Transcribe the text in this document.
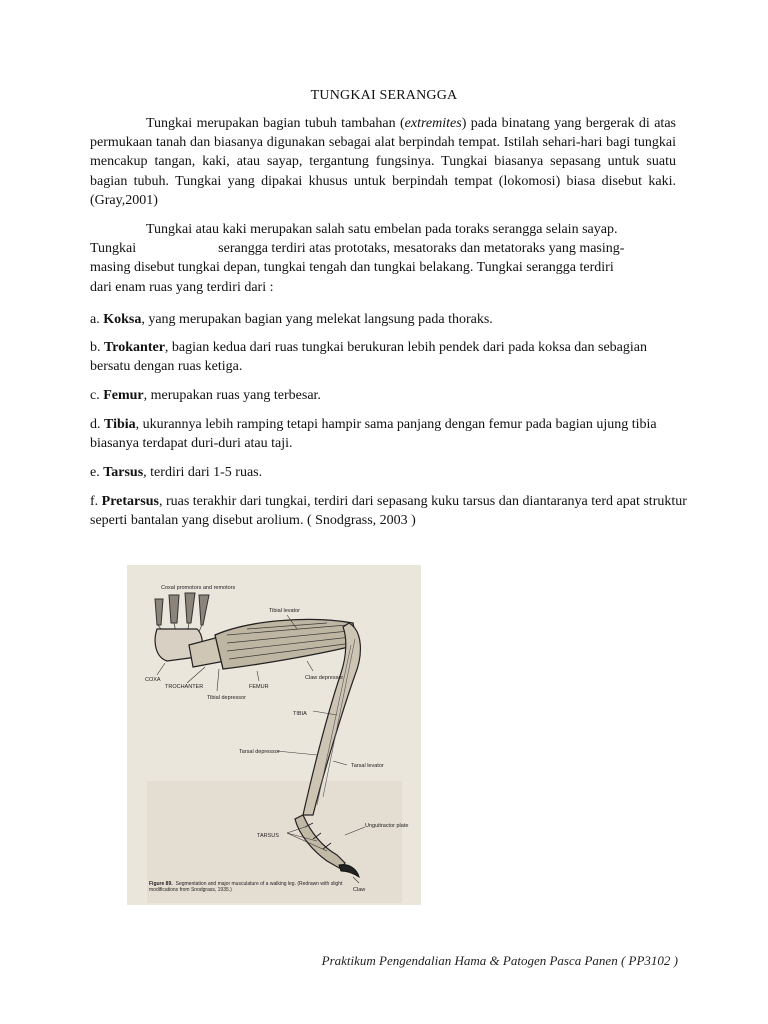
TUNGKAI SERANGGA

Tungkai merupakan bagian tubuh tambahan (extremites) pada binatang yang bergerak di atas permukaan tanah dan biasanya digunakan sebagai alat berpindah tempat. Istilah sehari-hari bagi tungkai mencakup tangan, kaki, atau sayap, tergantung fungsinya. Tungkai biasanya sepasang untuk suatu bagian tubuh. Tungkai yang dipakai khusus untuk berpindah tempat (lokomosi) biasa disebut kaki. (Gray,2001)

Tungkai atau kaki merupakan salah satu embelan pada toraks serangga selain sayap.
Tungkai	serangga terdiri atas prototaks, mesatoraks dan metatoraks yang masing-
masing disebut tungkai depan, tungkai tengah dan tungkai belakang. Tungkai serangga terdiri
dari enam ruas yang terdiri dari :

a. Koksa, yang merupakan bagian yang melekat langsung pada thoraks.

b. Trokanter, bagian kedua dari ruas tungkai berukuran lebih pendek dari pada koksa dan sebagian bersatu dengan ruas ketiga.

c. Femur, merupakan ruas yang terbesar.

d. Tibia, ukurannya lebih ramping tetapi hampir sama panjang dengan femur pada bagian ujung tibia biasanya terdapat duri-duri atau taji.

e. Tarsus, terdiri dari 1-5 ruas.

f. Pretarsus, ruas terakhir dari tungkai, terdiri dari sepasang kuku tarsus dan diantaranya terd apat struktur seperti bantalan yang disebut arolium. ( Snodgrass, 2003 )

Coxal promotors and remotors
Tibial levator
COXA
TROCHANTER	FEMUR
Claw depressor
Tibial depressor
TIBIA
Tarsal depressor
Tarsal levator
Unguitractor plate
TARSUS
Claw
Figure 89. Segmentation and major musculature of a walking leg. (Redrawn with slight modifications from Snodgrass, 1935.)
Praktikum Pengendalian Hama & Patogen Pasca Panen ( PP3102 )
